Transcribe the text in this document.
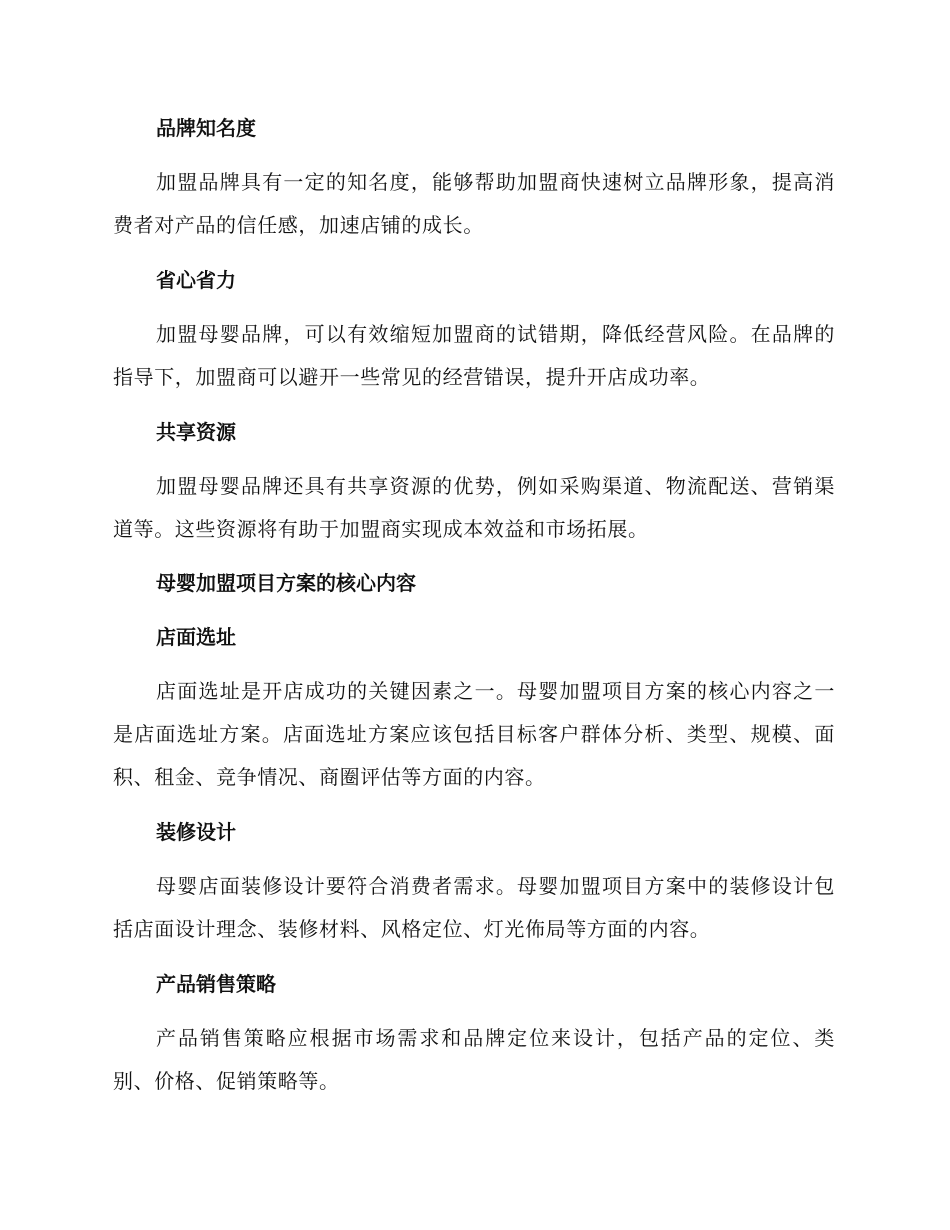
品牌知名度

加盟品牌具有一定的知名度，能够帮助加盟商快速树立品牌形象，提高消费者对产品的信任感，加速店铺的成长。

省心省力

加盟母婴品牌，可以有效缩短加盟商的试错期，降低经营风险。在品牌的指导下，加盟商可以避开一些常见的经营错误，提升开店成功率。

共享资源

加盟母婴品牌还具有共享资源的优势，例如采购渠道、物流配送、营销渠道等。这些资源将有助于加盟商实现成本效益和市场拓展。

母婴加盟项目方案的核心内容
店面选址

店面选址是开店成功的关键因素之一。母婴加盟项目方案的核心内容之一是店面选址方案。店面选址方案应该包括目标客户群体分析、类型、规模、面积、租金、竞争情况、商圈评估等方面的内容。

装修设计

母婴店面装修设计要符合消费者需求。母婴加盟项目方案中的装修设计包括店面设计理念、装修材料、风格定位、灯光佈局等方面的内容。

产品销售策略

产品销售策略应根据市场需求和品牌定位来设计，包括产品的定位、类别、价格、促销策略等。
